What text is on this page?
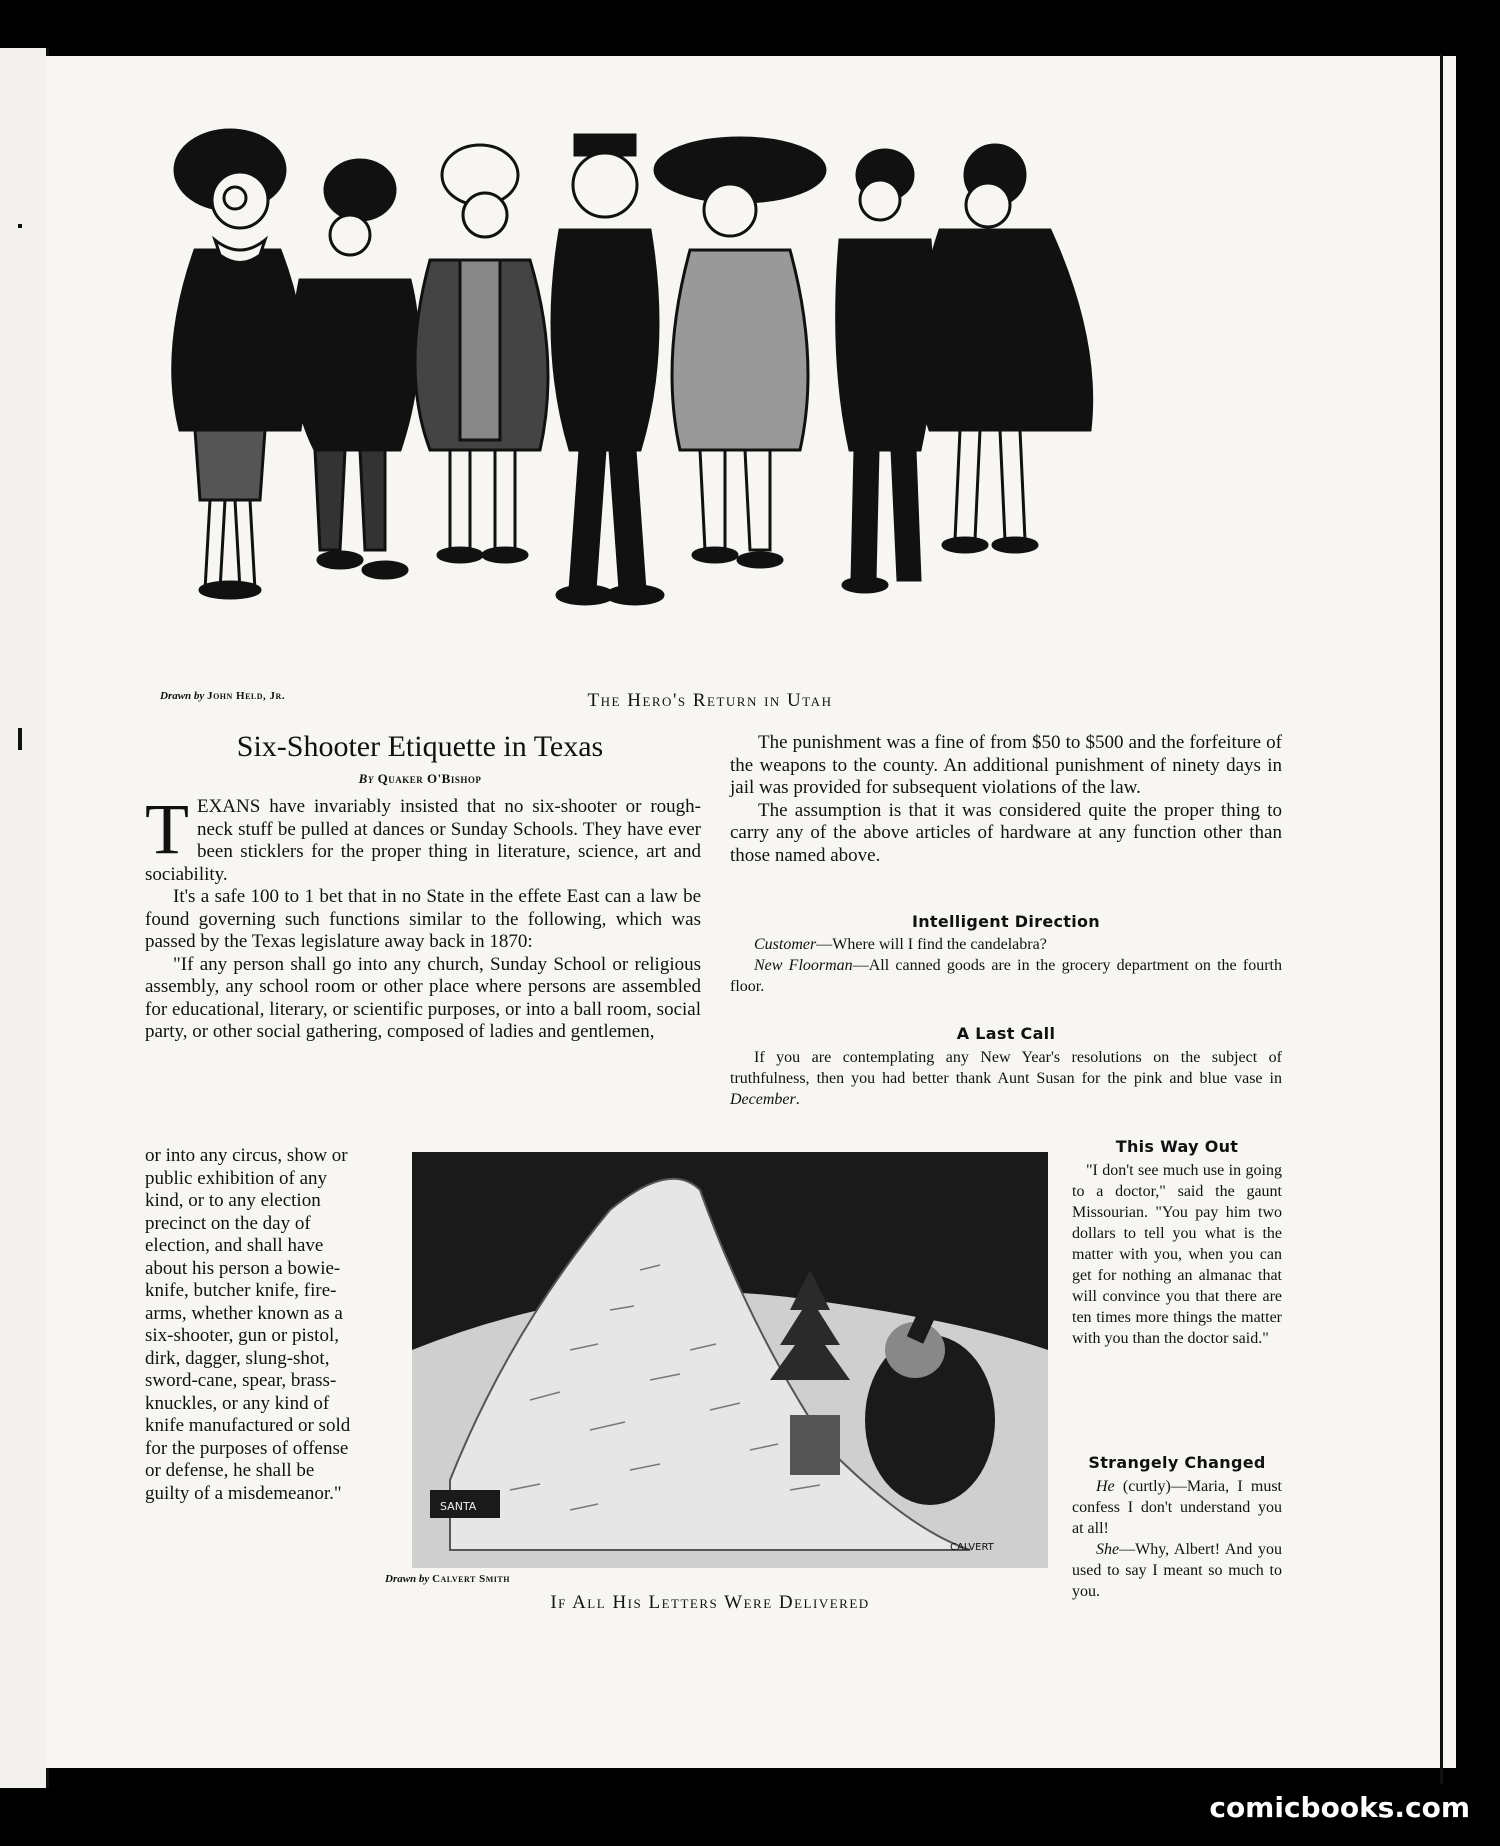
Drawn by John Held, Jr.	The Hero's Return in Utah
Six-Shooter Etiquette in Texas
By Quaker O'Bishop

TEXANS have invariably insisted that no six-shooter or rough-neck stuff be pulled at dances or Sunday Schools. They have ever been sticklers for the proper thing in literature, science, art and sociability.

It's a safe 100 to 1 bet that in no State in the effete East can a law be found governing such functions similar to the following, which was passed by the Texas legislature away back in 1870:

"If any person shall go into any church, Sunday School or religious assembly, any school room or other place where persons are assembled for educational, literary, or scientific purposes, or into a ball room, social party, or other social gathering, composed of ladies and gentlemen,

or into any circus, show or public exhibition of any kind, or to any election precinct on the day of election, and shall have about his person a bowie-knife, butcher knife, fire-arms, whether known as a six-shooter, gun or pistol, dirk, dagger, slung-shot, sword-cane, spear, brass-knuckles, or any kind of knife manufactured or sold for the purposes of offense or defense, he shall be guilty of a misdemeanor."

The punishment was a fine of from $50 to $500 and the forfeiture of the weapons to the county. An additional punishment of ninety days in jail was provided for subsequent violations of the law.

The assumption is that it was considered quite the proper thing to carry any of the above articles of hardware at any function other than those named above.

Intelligent Direction

Customer—Where will I find the candelabra?

New Floorman—All canned goods are in the grocery department on the fourth floor.

A Last Call

If you are contemplating any New Year's resolutions on the subject of truthfulness, then you had better thank Aunt Susan for the pink and blue vase in December.

SANTA
CALVERT
Drawn by Calvert Smith
If All His Letters Were Delivered
This Way Out
"I don't see much use in going to a doctor," said the gaunt Missourian. "You pay him two dollars to tell you what is the matter with you, when you can get for nothing an almanac that will convince you that there are ten times more things the matter with you than the doctor said."
Strangely Changed

He (curtly)—Maria, I must confess I don't understand you at all!

She—Why, Albert! And you used to say I meant so much to you.

comicbooks.com
